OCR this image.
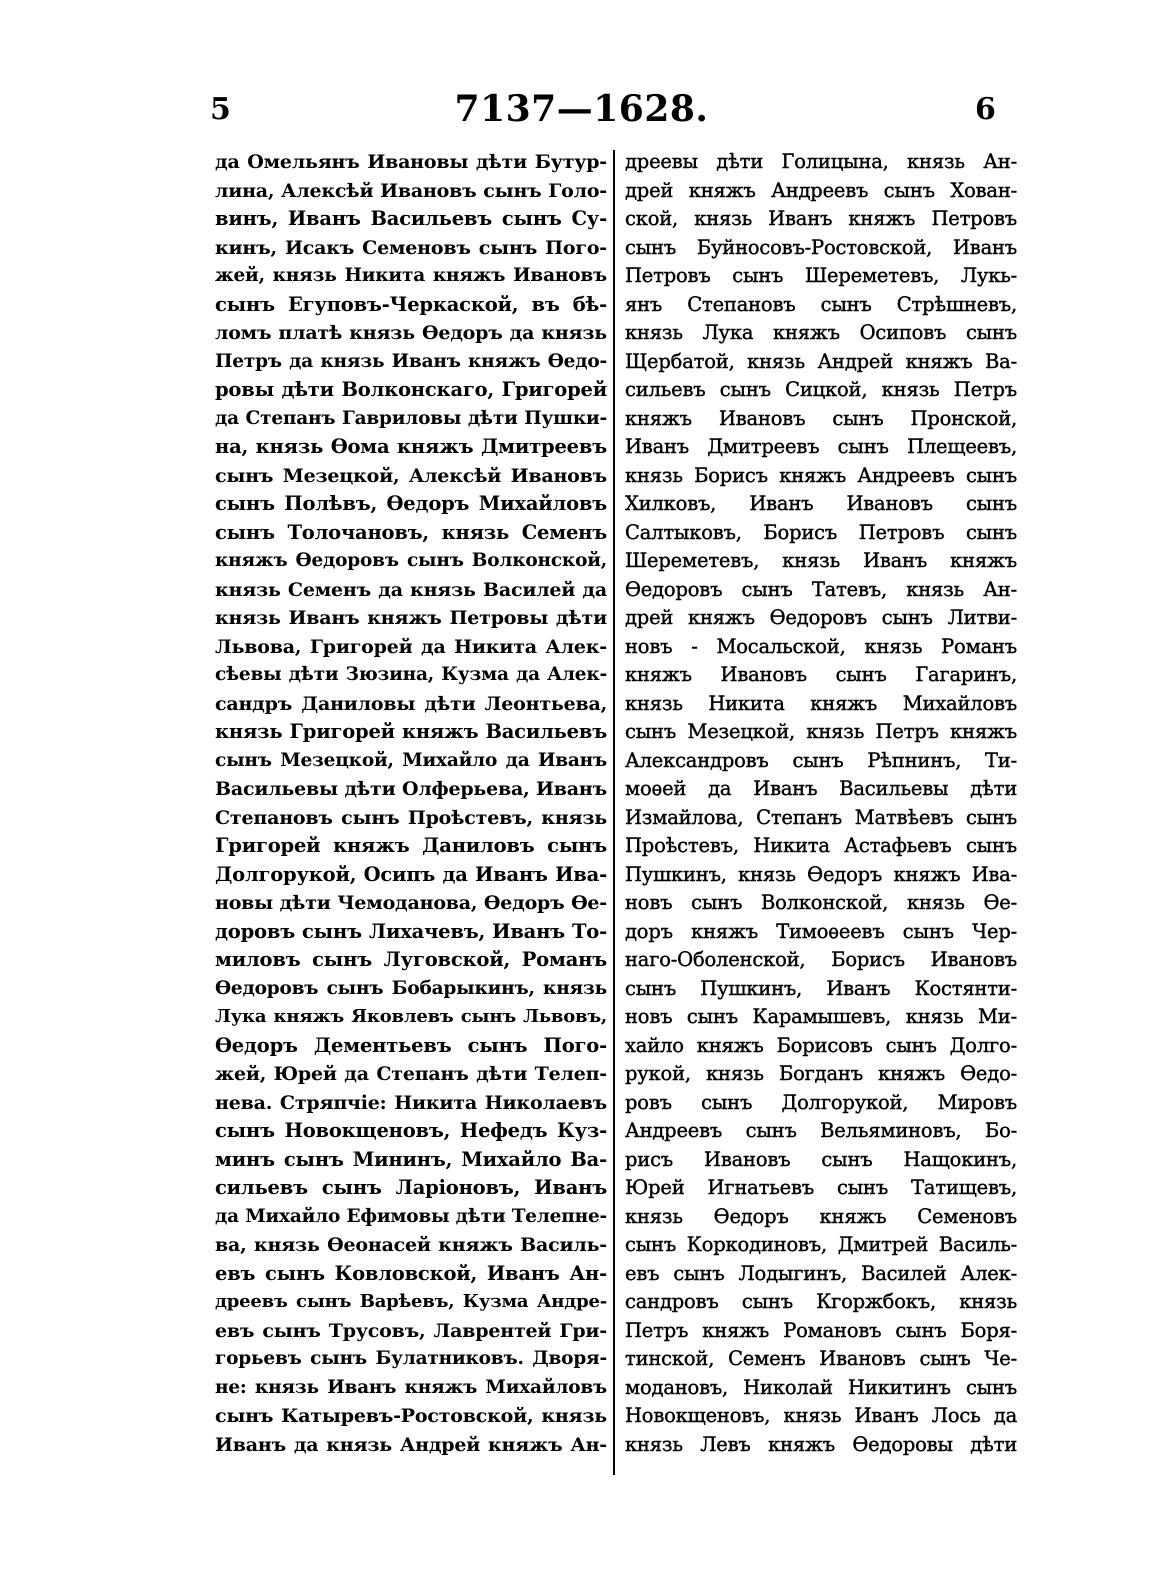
5	7137—1628.	6
да Омельянъ Ивановы дѣти Бутур-
лина, Алексѣй Ивановъ сынъ Голо-
винъ, Иванъ Васильевъ сынъ Су-
кинъ, Исакъ Семеновъ сынъ Погo-
жей, князь Никита княжъ Ивановъ
сынъ Егуповъ-Черкаской, въ бѣ-
ломъ платѣ князь Ѳедоръ да князь
Петръ да князь Иванъ княжъ Ѳедо-
ровы дѣти Волконскаго, Григорей
да Степанъ Гавриловы дѣти Пушки-
на, князь Ѳома княжъ Дмитреевъ
сынъ Мезецкой, Алексѣй Ивановъ
сынъ Полѣвъ, Ѳедоръ Михайловъ
сынъ Толочановъ, князь Семенъ
княжъ Ѳедоровъ сынъ Волконской,
князь Семенъ да князь Василей да
князь Иванъ княжъ Петровы дѣти
Львова, Григорей да Никита Алек-
сѣевы дѣти Зюзина, Кузма да Алек-
сандръ Даниловы дѣти Леонтьева,
князь Григорей княжъ Васильевъ
сынъ Мезецкой, Михайло да Иванъ
Васильевы дѣти Олферьева, Иванъ
Степановъ сынъ Проѣстевъ, князь
Григорей княжъ Даниловъ сынъ
Долгорукой, Осипъ да Иванъ Ива-
новы дѣти Чемоданова, Ѳедоръ Ѳе-
доровъ сынъ Лихачевъ, Иванъ То-
миловъ сынъ Луговской, Романъ
Ѳедоровъ сынъ Бобарыкинъ, князь
Лука княжъ Яковлевъ сынъ Львовъ,
Ѳедоръ Дементьевъ сынъ Пого-
жей, Юрей да Степанъ дѣти Телеп-
нева. Стряпчіе: Никита Николаевъ
сынъ Новокщеновъ, Нефедъ Куз-
минъ сынъ Мининъ, Михайло Ва-
сильевъ сынъ Ларіоновъ, Иванъ
да Михайло Ефимовы дѣти Телепне-
ва, князь Ѳеонасей княжъ Василь-
евъ сынъ Ковловской, Иванъ Ан-
дреевъ сынъ Варѣевъ, Кузма Андре-
евъ сынъ Трусовъ, Лаврентей Гри-
горьевъ сынъ Булатниковъ. Дворя-
не: князь Иванъ княжъ Михайловъ
сынъ Катыревъ-Ростовской, князь
Иванъ да князь Андрей княжъ Ан-
дреевы дѣти Голицына, князь Ан-
дрей княжъ Андреевъ сынъ Хован-
ской, князь Иванъ княжъ Петровъ
сынъ Буйносовъ-Ростовской, Иванъ
Петровъ сынъ Шереметевъ, Лукь-
янъ Степановъ сынъ Стрѣшневъ,
князь Лука княжъ Осиповъ сынъ
Щербатой, князь Андрей княжъ Ва-
сильевъ сынъ Сицкой, князь Петръ
княжъ Ивановъ сынъ Пронской,
Иванъ Дмитреевъ сынъ Плещеевъ,
князь Борисъ княжъ Андреевъ сынъ
Хилковъ, Иванъ Ивановъ сынъ
Салтыковъ, Борисъ Петровъ сынъ
Шереметевъ, князь Иванъ княжъ
Ѳедоровъ сынъ Татевъ, князь Ан-
дрей княжъ Ѳедоровъ сынъ Литви-
новъ - Мосальской, князь Романъ
княжъ Ивановъ сынъ Гагаринъ,
князь Никита княжъ Михайловъ
сынъ Мезецкой, князь Петръ княжъ
Александровъ сынъ Рѣпнинъ, Ти-
моѳей да Иванъ Васильевы дѣти
Измайлова, Степанъ Матвѣевъ сынъ
Проѣстевъ, Никита Астафьевъ сынъ
Пушкинъ, князь Ѳедоръ княжъ Ива-
новъ сынъ Волконской, князь Ѳе-
доръ княжъ Тимоѳеевъ сынъ Чер-
наго-Оболенской, Борисъ Ивановъ
сынъ Пушкинъ, Иванъ Костянти-
новъ сынъ Карамышевъ, князь Ми-
хайло княжъ Борисовъ сынъ Долго-
рукой, князь Богданъ княжъ Ѳедо-
ровъ сынъ Долгорукой, Мировъ
Андреевъ сынъ Вельяминовъ, Бо-
рисъ Ивановъ сынъ Нащокинъ,
Юрей Игнатьевъ сынъ Татищевъ,
князь Ѳедоръ княжъ Семеновъ
сынъ Коркодиновъ, Дмитрей Василь-
евъ сынъ Лодыгинъ, Василей Алек-
сандровъ сынъ Кгоржбокъ, князь
Петръ княжъ Романовъ сынъ Боря-
тинской, Семенъ Ивановъ сынъ Че-
модановъ, Николай Никитинъ сынъ
Новокщеновъ, князь Иванъ Лось да
князь Левъ княжъ Ѳедоровы дѣти
